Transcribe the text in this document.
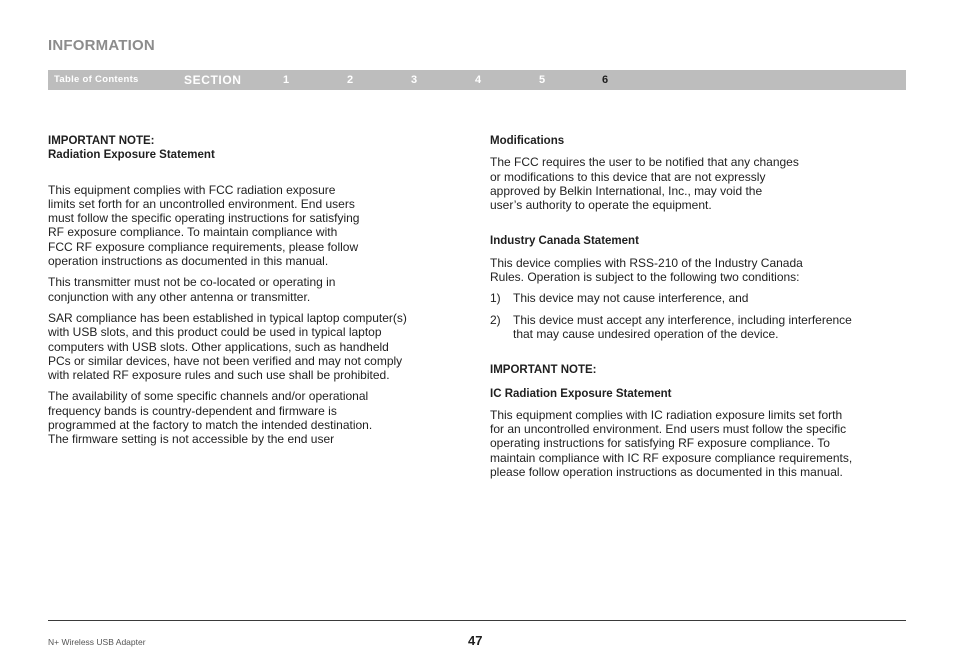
INFORMATION
Table of Contents	SECTION	1	2	3	4	5	6

IMPORTANT NOTE:

Radiation Exposure Statement

This equipment complies with FCC radiation exposure
limits set forth for an uncontrolled environment. End users
must follow the specific operating instructions for satisfying
RF exposure compliance. To maintain compliance with
FCC RF exposure compliance requirements, please follow
operation instructions as documented in this manual.

This transmitter must not be co-located or operating in
conjunction with any other antenna or transmitter.

SAR compliance has been established in typical laptop computer(s)
with USB slots, and this product could be used in typical laptop
computers with USB slots. Other applications, such as handheld
PCs or similar devices, have not been verified and may not comply
with related RF exposure rules and such use shall be prohibited.

The availability of some specific channels and/or operational
frequency bands is country-dependent and firmware is
programmed at the factory to match the intended destination.
The firmware setting is not accessible by the end user

Modifications

The FCC requires the user to be notified that any changes
or modifications to this device that are not expressly
approved by Belkin International, Inc., may void the
user’s authority to operate the equipment.

Industry Canada Statement

This device complies with RSS-210 of the Industry Canada
Rules. Operation is subject to the following two conditions:

1) This device may not cause interference, and
2) This device must accept any interference, including interference
that may cause undesired operation of the device.

IMPORTANT NOTE:

IC Radiation Exposure Statement

This equipment complies with IC radiation exposure limits set forth
for an uncontrolled environment. End users must follow the specific
operating instructions for satisfying RF exposure compliance. To
maintain compliance with IC RF exposure compliance requirements,
please follow operation instructions as documented in this manual.

N+ Wireless USB Adapter	47
